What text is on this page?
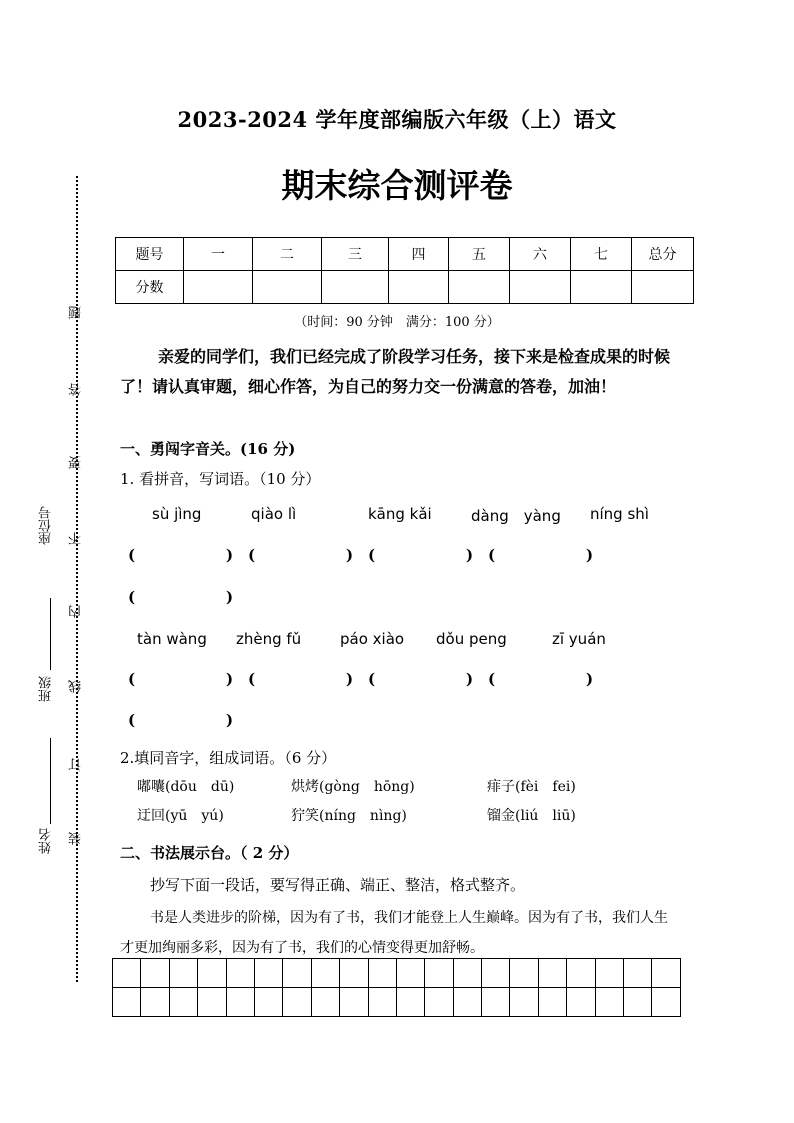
题
答
要
不
内
线
订
装
座位号
班级
姓名
2023-2024 学年度部编版六年级（上）语文
期末综合测评卷
题号	一	二	三	四	五	六	七	总分
分数								
（时间：90 分钟　满分：100 分）
亲爱的同学们，我们已经完成了阶段学习任务，接下来是检查成果的时候了！请认真审题，细心作答，为自己的努力交一份满意的答卷，加油！
一、勇闯字音关。(16 分)
1. 看拼音，写词语。（10 分）
sù jìng	qiào lì	kāng kǎi	dàng　yàng níng shì
(	) (	) (	) (	)
(	)
tàn wàng zhèng fǔ	páo xiào dǒu peng	zī yuán
(	) (	) (	) (	)
(	)
2.填同音字，组成词语。（6 分）
嘟囔(dōu　dū)	烘烤(gòng　hōng)	痱子(fèi　fei)
迂回(yū　yú)	狞笑(níng　nìng)	镏金(liú　liū)
二、书法展示台。（ 2 分）
抄写下面一段话，要写得正确、端正、整洁，格式整齐。
书是人类进步的阶梯，因为有了书，我们才能登上人生巅峰。因为有了书，我们人生才更加绚丽多彩，因为有了书，我们的心情变得更加舒畅。
